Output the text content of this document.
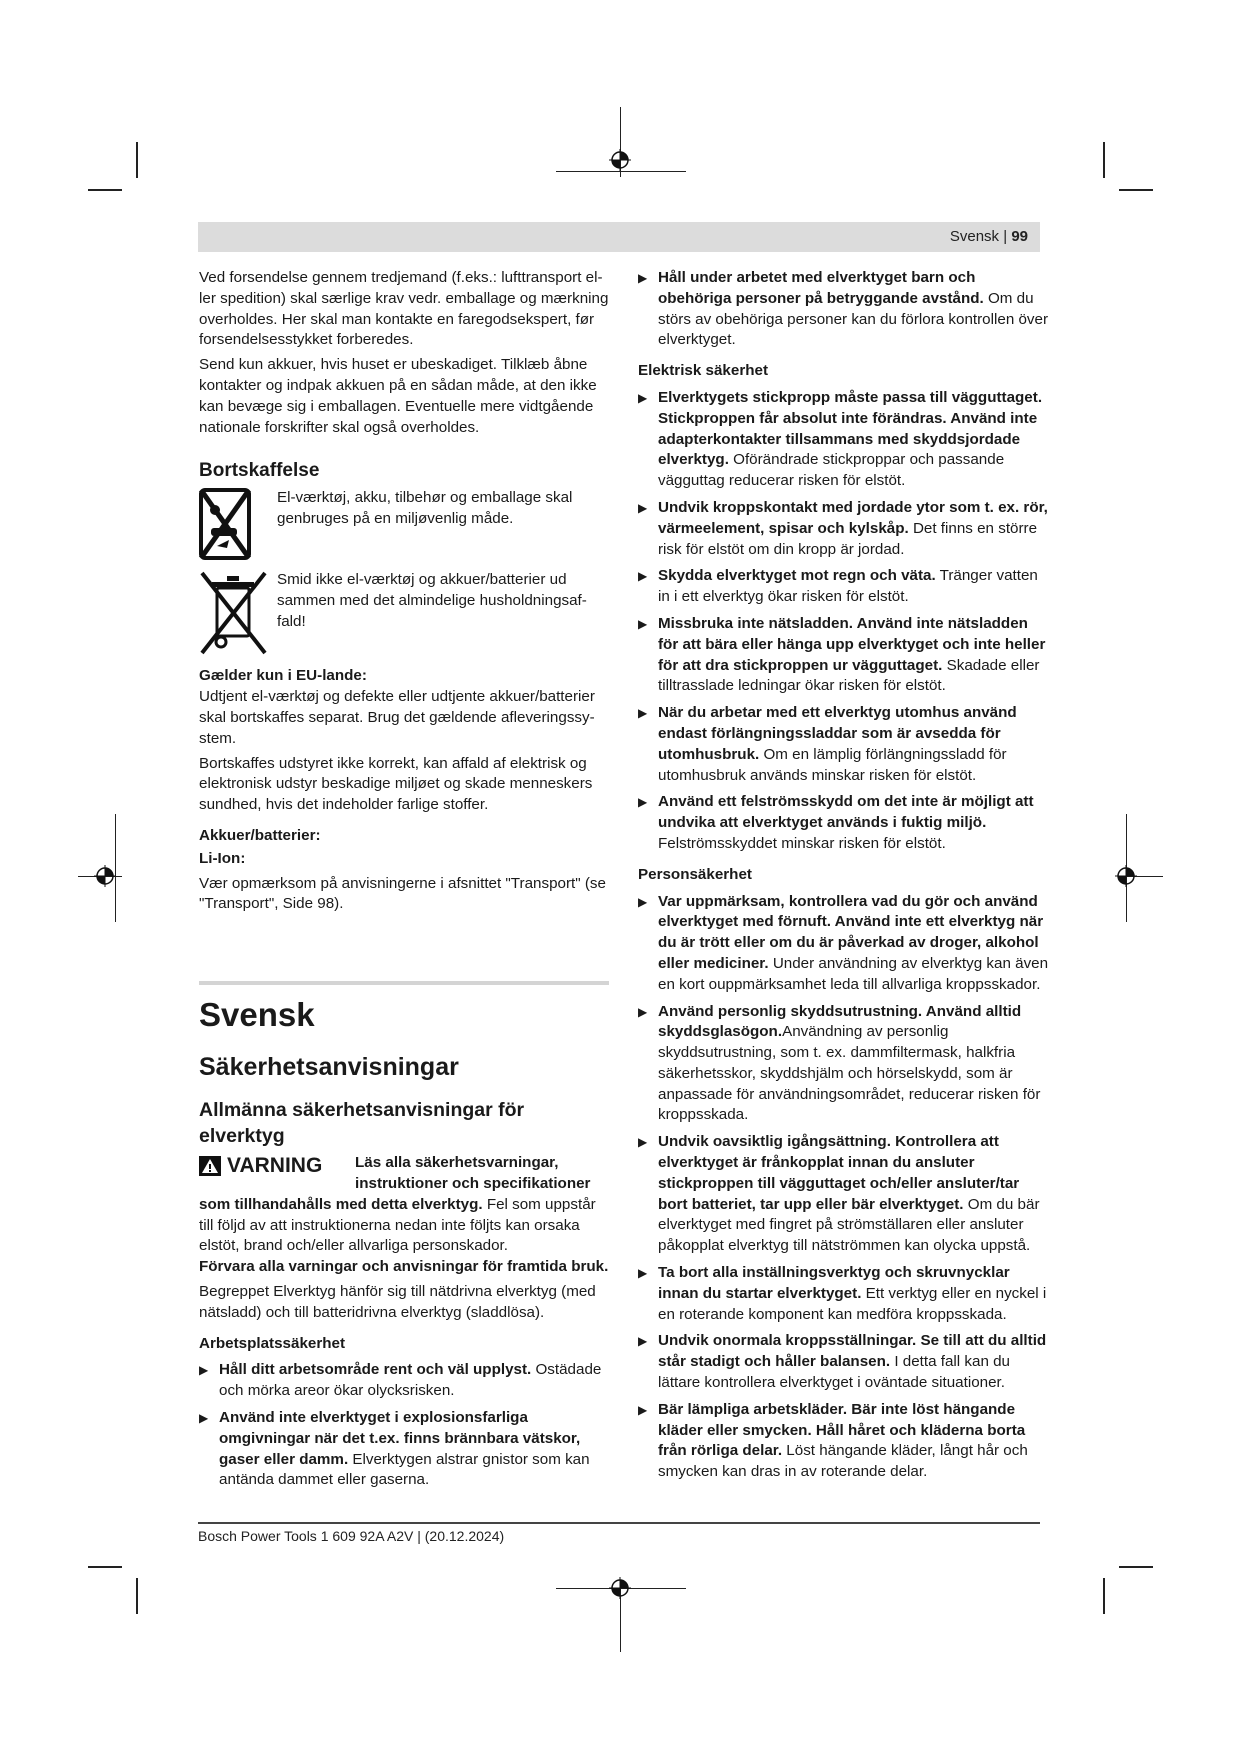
Svensk | 99

Ved forsendelse gennem tredjemand (f.eks.: lufttransport eller spedition) skal særlige krav vedr. emballage og mærkning overholdes. Her skal man kontakte en faregodsekspert, før forsendelsesstykket forberedes.

Send kun akkuer, hvis huset er ubeskadiget. Tilklæb åbne kontakter og indpak akkuen på en sådan måde, at den ikke kan bevæge sig i emballagen. Eventuelle mere vidtgående nationale forskrifter skal også overholdes.

Bortskaffelse
El-værktøj, akku, tilbehør og emballage skal genbruges på en miljøvenlig måde.
Smid ikke el-værktøj og akkuer/batterier ud sammen med det almindelige husholdningsaffald!
Gælder kun i EU-lande:

Udtjent el-værktøj og defekte eller udtjente akkuer/batterier skal bortskaffes separat. Brug det gældende afleveringssystem.

Bortskaffes udstyret ikke korrekt, kan affald af elektrisk og elektronisk udstyr beskadige miljøet og skade menneskers sundhed, hvis det indeholder farlige stoffer.

Akkuer/batterier:
Li-Ion:

Vær opmærksom på anvisningerne i afsnittet "Transport" (se "Transport", Side 98).

Svensk
Säkerhetsanvisningar
Allmänna säkerhetsanvisningar för elverktyg
VARNING Läs alla säkerhetsvarningar, instruktioner och specifikationer

som tillhandahålls med detta elverktyg. Fel som uppstår till följd av att instruktionerna nedan inte följts kan orsaka elstöt, brand och/eller allvarliga personskador.

Förvara alla varningar och anvisningar för framtida bruk.

Begreppet Elverktyg hänför sig till nätdrivna elverktyg (med nätsladd) och till batteridrivna elverktyg (sladdlösa).

Arbetsplatssäkerhet
▶ Håll ditt arbetsområde rent och väl upplyst. Ostädade och mörka areor ökar olycksrisken.
▶ Använd inte elverktyget i explosionsfarliga omgivningar när det t.ex. finns brännbara vätskor, gaser eller damm. Elverktygen alstrar gnistor som kan antända dammet eller gaserna.
▶ Håll under arbetet med elverktyget barn och obehöriga personer på betryggande avstånd. Om du störs av obehöriga personer kan du förlora kontrollen över elverktyget.
Elektrisk säkerhet
▶ Elverktygets stickpropp måste passa till vägguttaget. Stickproppen får absolut inte förändras. Använd inte adapterkontakter tillsammans med skyddsjordade elverktyg. Oförändrade stickproppar och passande vägguttag reducerar risken för elstöt.
▶ Undvik kroppskontakt med jordade ytor som t. ex. rör, värmeelement, spisar och kylskåp. Det finns en större risk för elstöt om din kropp är jordad.
▶ Skydda elverktyget mot regn och väta. Tränger vatten in i ett elverktyg ökar risken för elstöt.
▶ Missbruka inte nätsladden. Använd inte nätsladden för att bära eller hänga upp elverktyget och inte heller för att dra stickproppen ur vägguttaget. Skadade eller tilltrasslade ledningar ökar risken för elstöt.
▶ När du arbetar med ett elverktyg utomhus använd endast förlängningssladdar som är avsedda för utomhusbruk. Om en lämplig förlängningssladd för utomhusbruk används minskar risken för elstöt.
▶ Använd ett felströmsskydd om det inte är möjligt att undvika att elverktyget används i fuktig miljö. Felströmsskyddet minskar risken för elstöt.
Personsäkerhet
▶ Var uppmärksam, kontrollera vad du gör och använd elverktyget med förnuft. Använd inte ett elverktyg när du är trött eller om du är påverkad av droger, alkohol eller mediciner. Under användning av elverktyg kan även en kort ouppmärksamhet leda till allvarliga kroppsskador.
▶ Använd personlig skyddsutrustning. Använd alltid skyddsglasögon.Användning av personlig skyddsutrustning, som t. ex. dammfiltermask, halkfria säkerhetsskor, skyddshjälm och hörselskydd, som är anpassade för användningsområdet, reducerar risken för kroppsskada.
▶ Undvik oavsiktlig igångsättning. Kontrollera att elverktyget är frånkopplat innan du ansluter stickproppen till vägguttaget och/eller ansluter/tar bort batteriet, tar upp eller bär elverktyget. Om du bär elverktyget med fingret på strömställaren eller ansluter påkopplat elverktyg till nätströmmen kan olycka uppstå.
▶ Ta bort alla inställningsverktyg och skruvnycklar innan du startar elverktyget. Ett verktyg eller en nyckel i en roterande komponent kan medföra kroppsskada.
▶ Undvik onormala kroppsställningar. Se till att du alltid står stadigt och håller balansen. I detta fall kan du lättare kontrollera elverktyget i oväntade situationer.
▶ Bär lämpliga arbetskläder. Bär inte löst hängande kläder eller smycken. Håll håret och kläderna borta från rörliga delar. Löst hängande kläder, långt hår och smycken kan dras in av roterande delar.
Bosch Power Tools 1 609 92A A2V | (20.12.2024)
